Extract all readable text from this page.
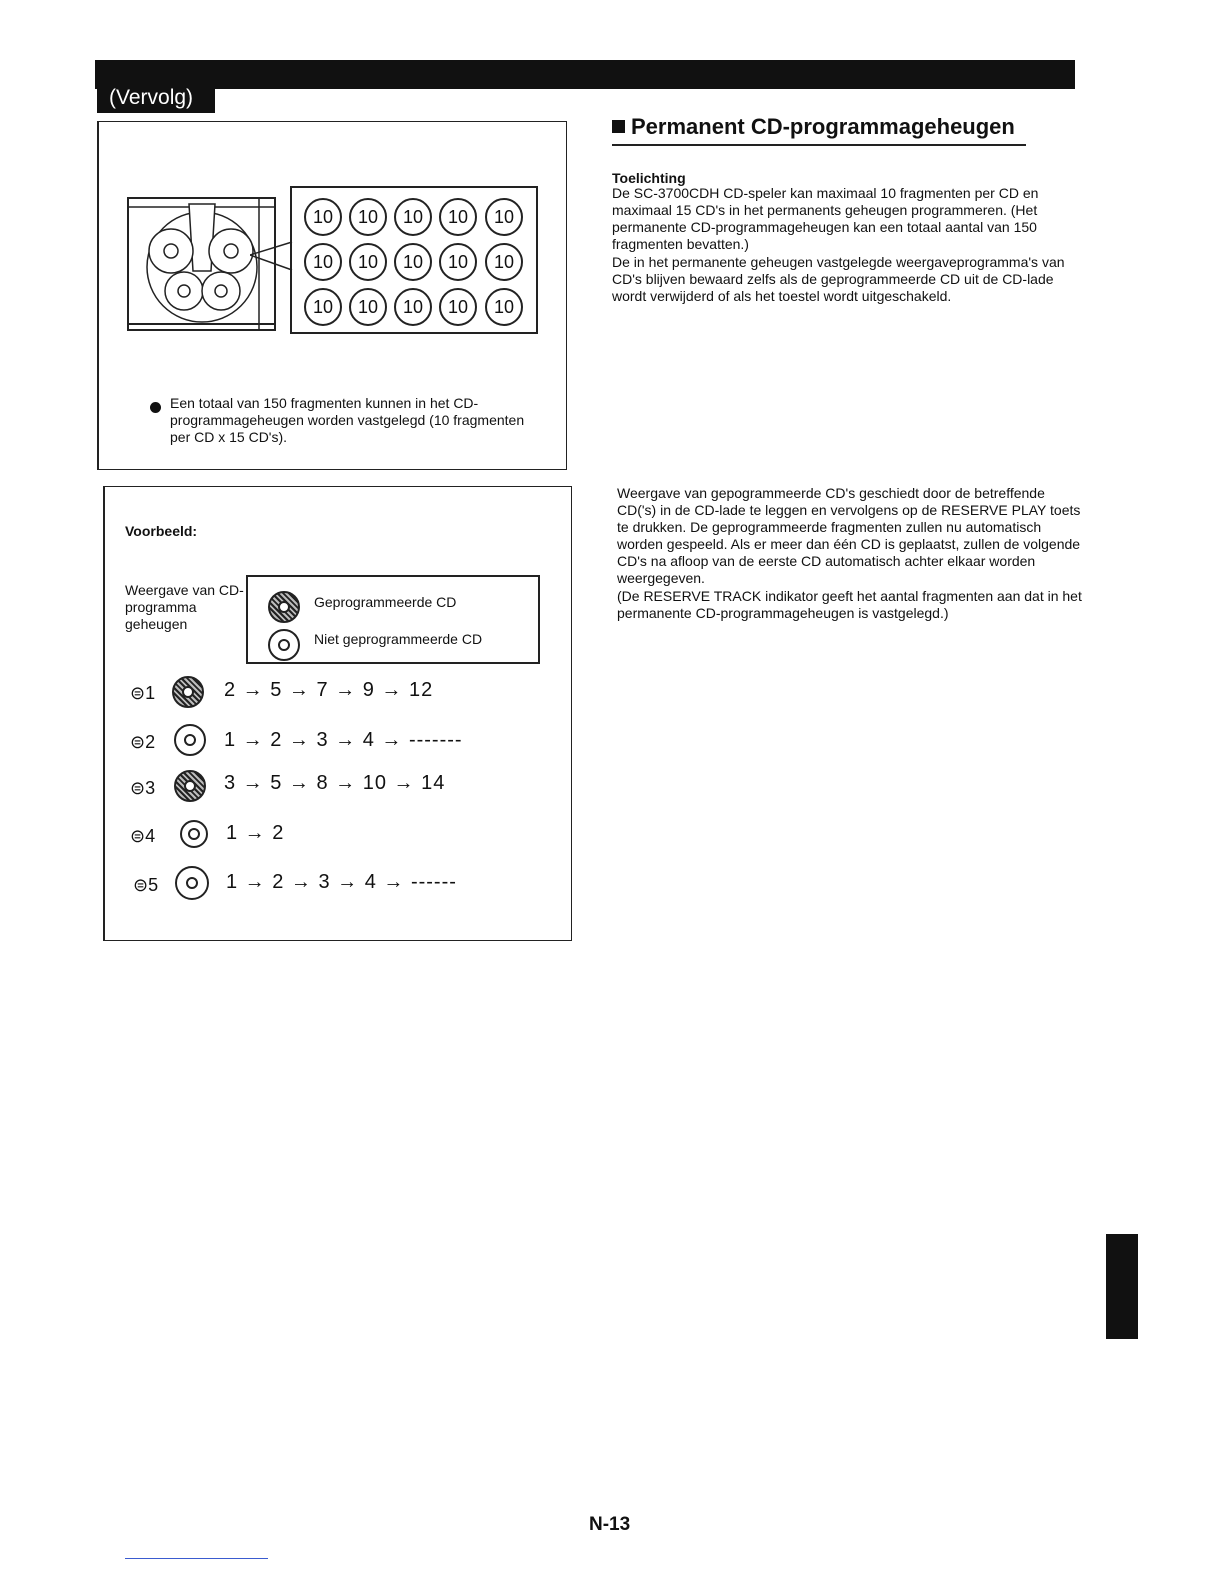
(Vervolg)
10	10	10	10	10
10	10	10	10	10
10	10	10	10	10
Een totaal van 150 fragmenten kunnen in het CD-programmageheugen worden vastgelegd (10 fragmenten per CD x 15 CD's).
Voorbeeld:
Weergave van CD-programma geheugen
Geprogrammeerde CD
Niet geprogrammeerde CD
⊜1	2 → 5 → 7 → 9 → 12
⊜2	1 → 2 → 3 → 4 → -------
⊜3	3 → 5 → 8 → 10 → 14
⊜4	1 → 2
⊜5	1 → 2 → 3 → 4 → ------
Permanent CD-programmageheugen
Toelichting
De SC-3700CDH CD-speler kan maximaal 10 fragmenten per CD en maximaal 15 CD's in het permanents geheugen programmeren. (Het permanente CD-programmageheugen kan een totaal aantal van 150 fragmenten bevatten.)
De in het permanente geheugen vastgelegde weergaveprogramma's van CD's blijven bewaard zelfs als de geprogrammeerde CD uit de CD-lade wordt verwijderd of als het toestel wordt uitgeschakeld.
Weergave van gepogrammeerde CD's geschiedt door de betreffende CD('s) in de CD-lade te leggen en vervolgens op de RESERVE PLAY toets te drukken. De geprogrammeerde fragmenten zullen nu automatisch worden gespeeld. Als er meer dan één CD is geplaatst, zullen de volgende CD's na afloop van de eerste CD automatisch achter elkaar worden weergegeven.
(De RESERVE TRACK indikator geeft het aantal fragmenten aan dat in het permanente CD-programmageheugen is vastgelegd.)
N-13
